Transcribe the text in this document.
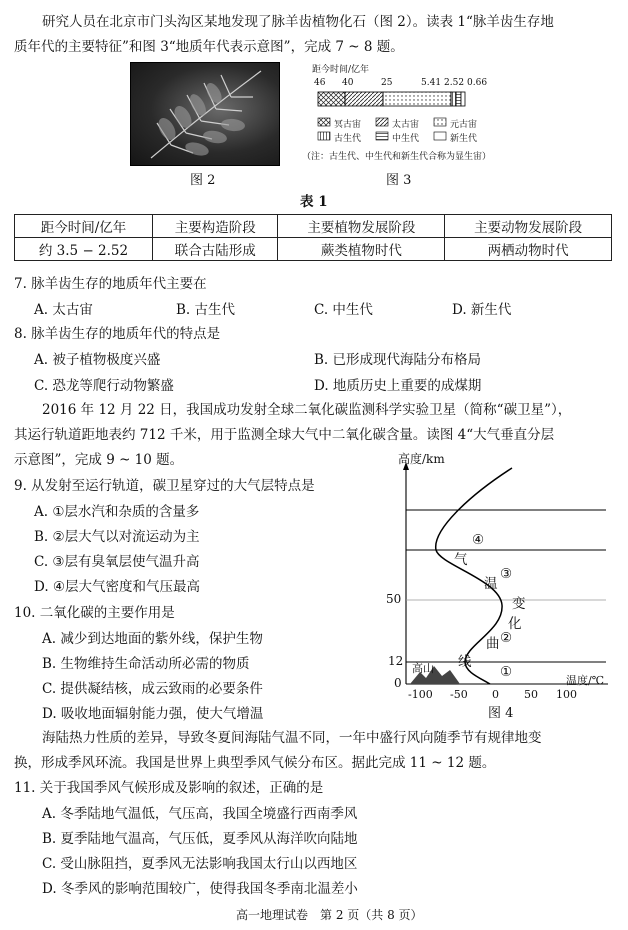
研究人员在北京市门头沟区某地发现了脉羊齿植物化石（图 2）。读表 1“脉羊齿生存地
质年代的主要特征”和图 3“地质年代表示意图”，完成 7 ~ 8 题。
图 2
距今时间/亿年
46 40	25	5.41 2.52 0.66
冥古宙	太古宙	元古宙
古生代	中生代	新生代
（注：古生代、中生代和新生代合称为显生宙）
图 3
表 1
距今时间/亿年	主要构造阶段	主要植物发展阶段	主要动物发展阶段
约 3.5 − 2.52	联合古陆形成	蕨类植物时代	两栖动物时代
7. 脉羊齿生存的地质年代主要在
A. 太古宙	B. 古生代	C. 中生代	D. 新生代
8. 脉羊齿生存的地质年代的特点是
A. 被子植物极度兴盛	B. 已形成现代海陆分布格局
C. 恐龙等爬行动物繁盛	D. 地质历史上重要的成煤期
2016 年 12 月 22 日，我国成功发射全球二氧化碳监测科学实验卫星（简称“碳卫星”），
其运行轨道距地表约 712 千米，用于监测全球大气中二氧化碳含量。读图 4“大气垂直分层
示意图”，完成 9 ~ 10 题。
9. 从发射至运行轨道，碳卫星穿过的大气层特点是
A. ①层水汽和杂质的含量多
B. ②层大气以对流运动为主
C. ③层有臭氧层使气温升高
D. ④层大气密度和气压最高
10. 二氧化碳的主要作用是
A. 减少到达地面的紫外线，保护生物
B. 生物维持生命活动所必需的物质
C. 提供凝结核，成云致雨的必要条件
D. 吸收地面辐射能力强，使大气增温
高度/km
50
12
0
-100 -50 0 50 100
温度/℃
高山
气
温
变
化
曲
线
①
②
③
④
图 4
海陆热力性质的差异，导致冬夏间海陆气温不同，一年中盛行风向随季节有规律地变
换，形成季风环流。我国是世界上典型季风气候分布区。据此完成 11 ~ 12 题。
11. 关于我国季风气候形成及影响的叙述，正确的是
A. 冬季陆地气温低，气压高，我国全境盛行西南季风
B. 夏季陆地气温高，气压低，夏季风从海洋吹向陆地
C. 受山脉阻挡，夏季风无法影响我国太行山以西地区
D. 冬季风的影响范围较广，使得我国冬季南北温差小
高一地理试卷　第 2 页（共 8 页）
